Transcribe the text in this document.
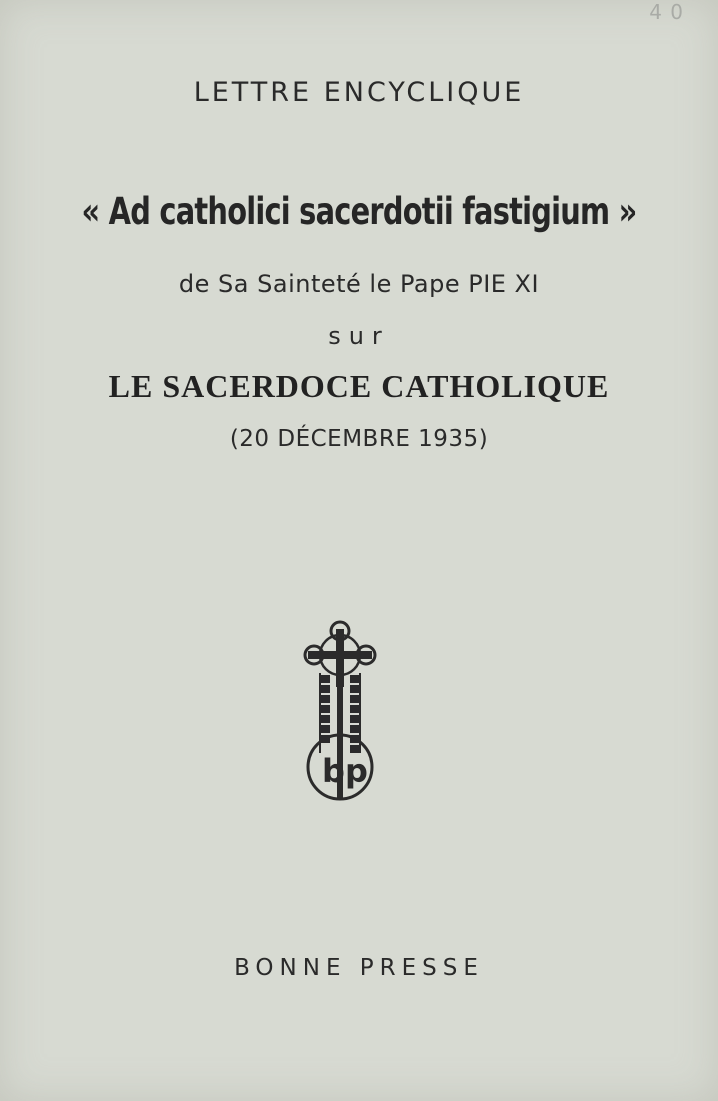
4 0
LETTRE ENCYCLIQUE
« Ad catholici sacerdotii fastigium »
de Sa Sainteté le Pape PIE XI
sur
LE SACERDOCE CATHOLIQUE
(20 DÉCEMBRE 1935)
b p
BONNE PRESSE
